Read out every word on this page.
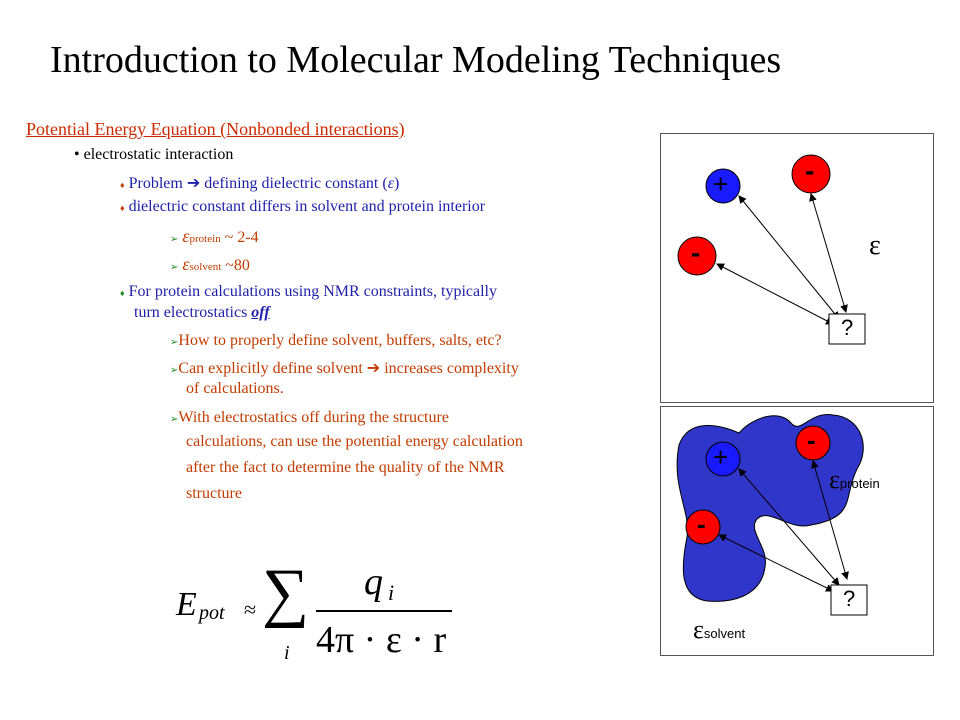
Introduction to Molecular Modeling Techniques
Potential Energy Equation (Nonbonded interactions)
• electrostatic interaction
♦ Problem ➔ defining dielectric constant (ε)
♦ dielectric constant differs in solvent and protein interior
➢ εprotein ~ 2-4
➢ εsolvent ~80
♦ For protein calculations using NMR constraints, typically
turn electrostatics off
➢How to properly define solvent, buffers, salts, etc?
➢Can explicitly define solvent ➔ increases complexity
of calculations.
➢With electrostatics off during the structure
calculations, can use the potential energy calculation
after the fact to determine the quality of the NMR
structure
E pot ≈ ∑
i
q i
4π · ε · r
+	-
-
?
ε
+
-
-
?
εprotein
εsolvent
